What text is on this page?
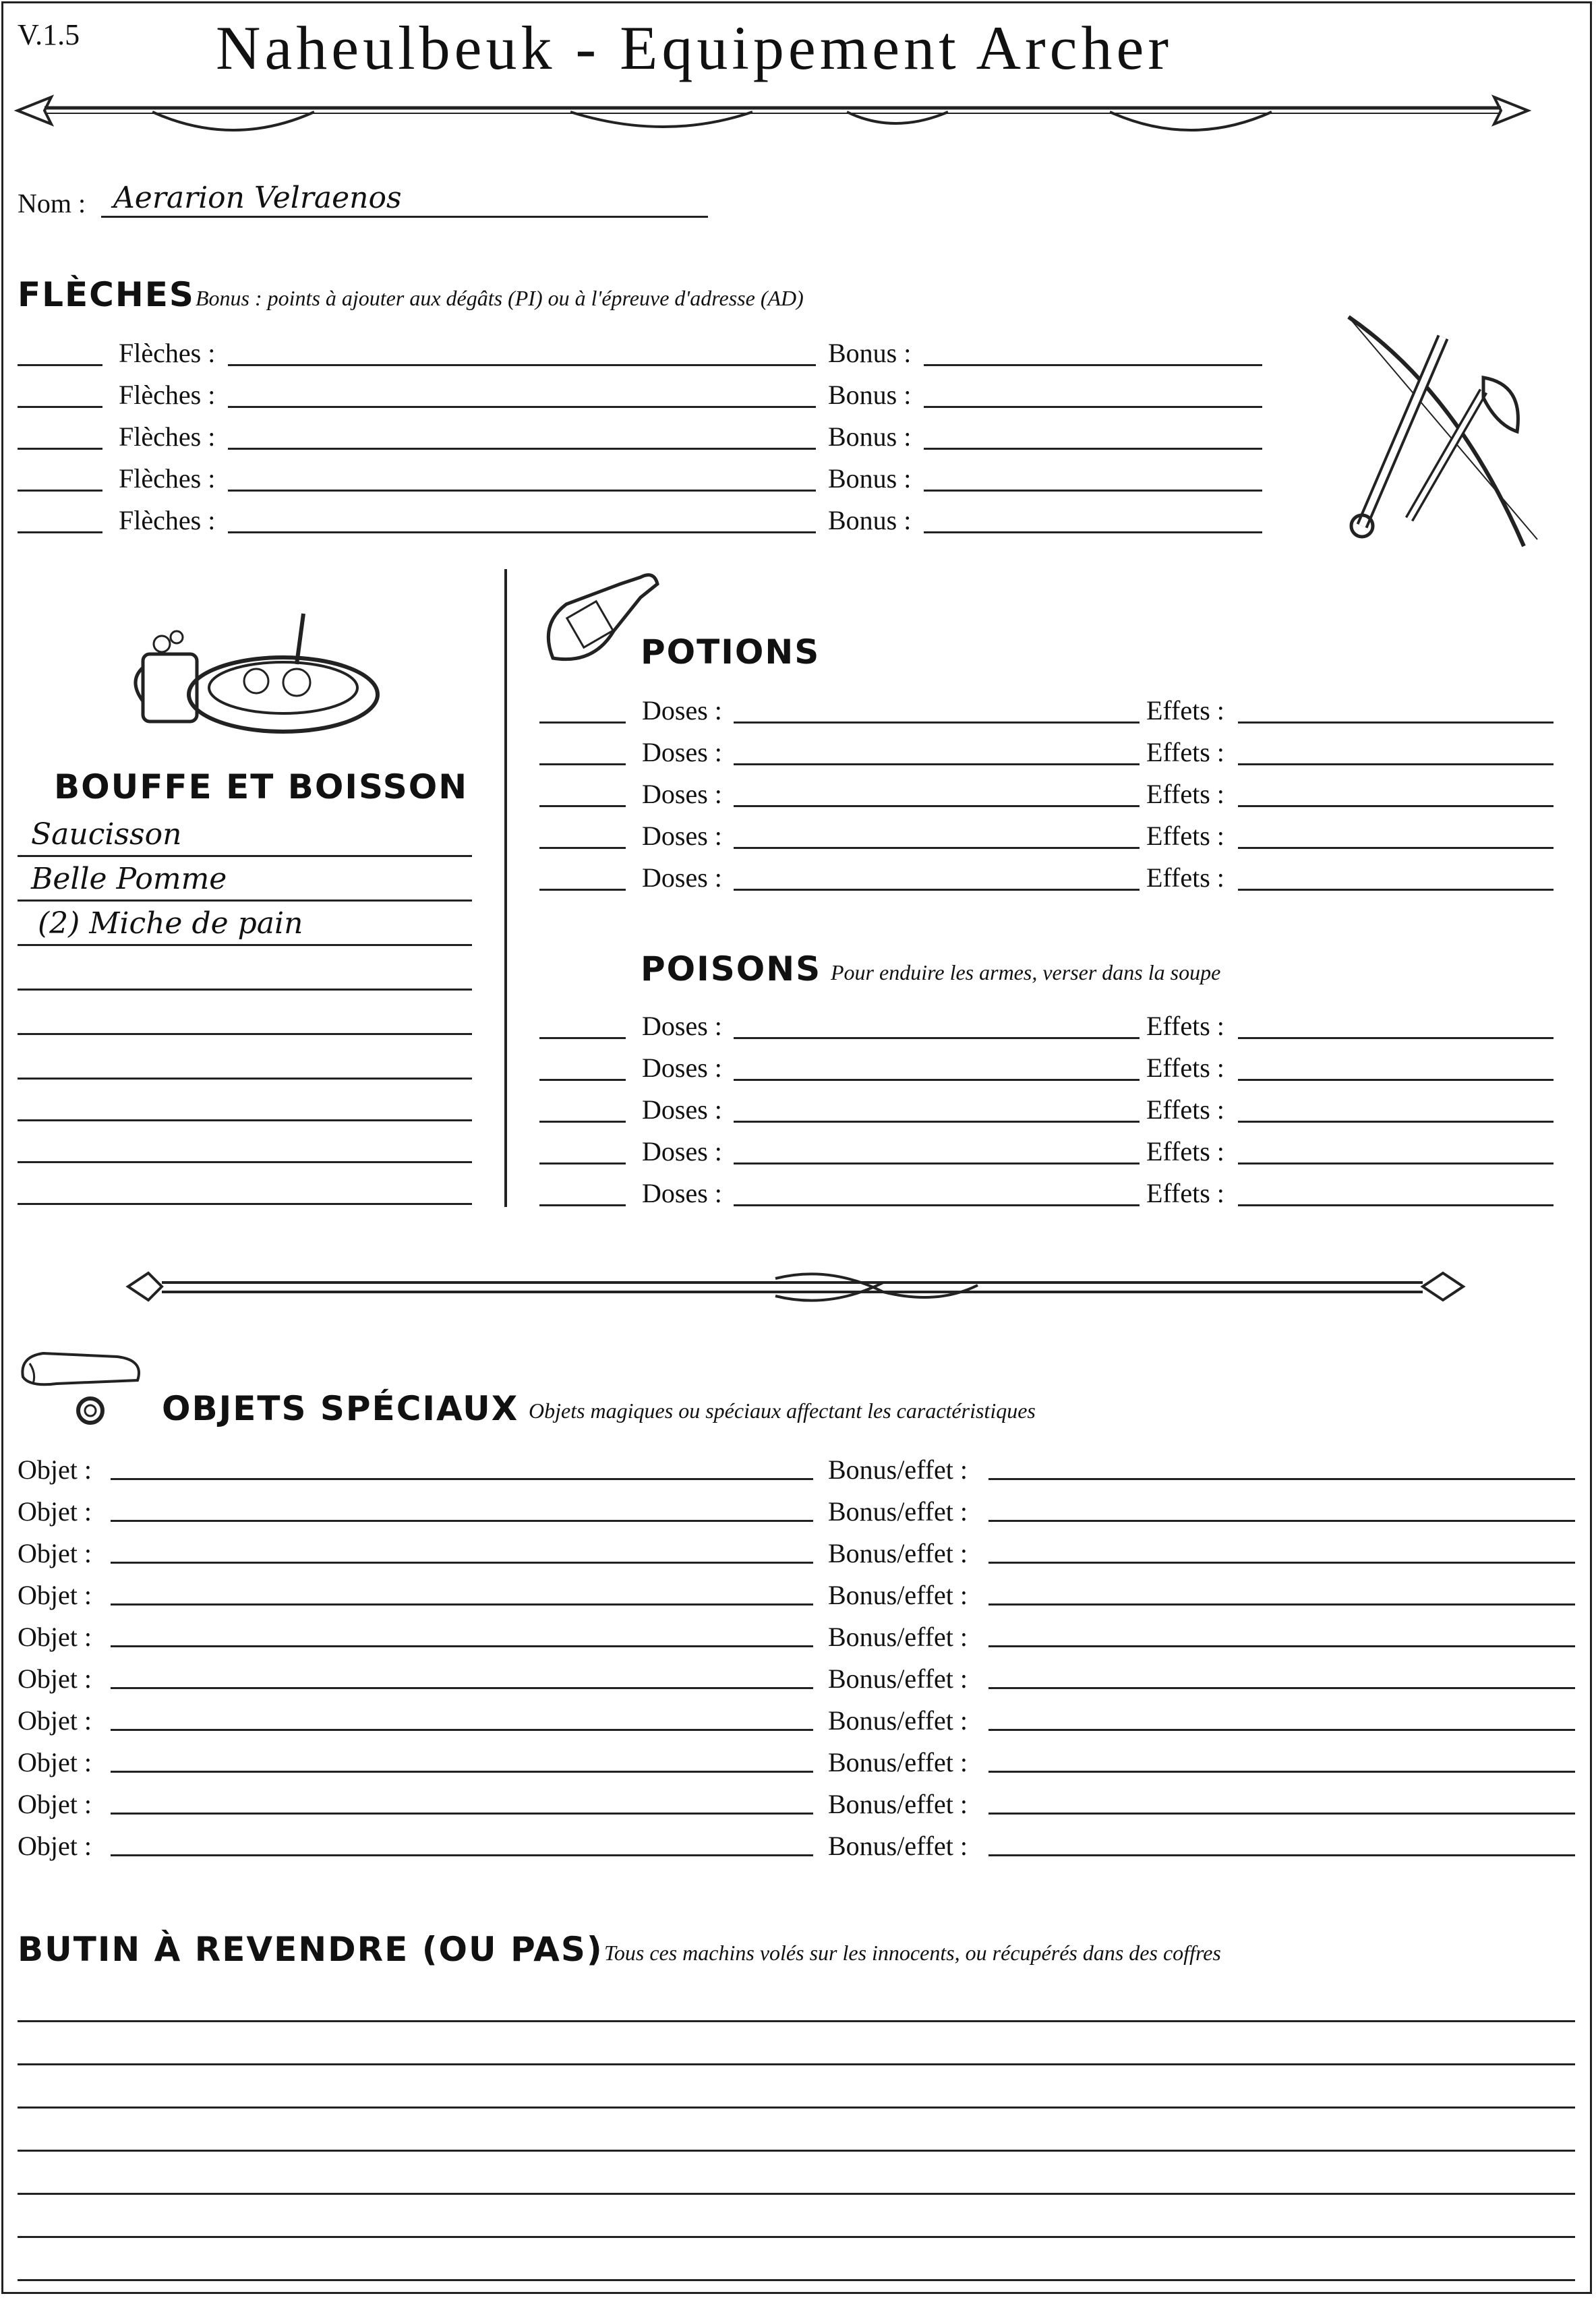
V.1.5 Naheulbeuk - Equipement Archer
Nom : Aerarion Velraenos
FLÈCHES Bonus : points à ajouter aux dégâts (PI) ou à l'épreuve d'adresse (AD)
Flèches :	Bonus :
Flèches :	Bonus :
Flèches :	Bonus :
Flèches :	Bonus :
Flèches :	Bonus :
BOUFFE ET BOISSON
Saucisson
Belle Pomme
(2) Miche de pain
POTIONS
Doses :	Effets :
Doses :	Effets :
Doses :	Effets :
Doses :	Effets :
Doses :	Effets :
POISONS Pour enduire les armes, verser dans la soupe
Doses :	Effets :
Doses :	Effets :
Doses :	Effets :
Doses :	Effets :
Doses :	Effets :
OBJETS SPÉCIAUX Objets magiques ou spéciaux affectant les caractéristiques
Objet :	Bonus/effet :
Objet :	Bonus/effet :
Objet :	Bonus/effet :
Objet :	Bonus/effet :
Objet :	Bonus/effet :
Objet :	Bonus/effet :
Objet :	Bonus/effet :
Objet :	Bonus/effet :
Objet :	Bonus/effet :
Objet :	Bonus/effet :
BUTIN À REVENDRE (OU PAS) Tous ces machins volés sur les innocents, ou récupérés dans des coffres
